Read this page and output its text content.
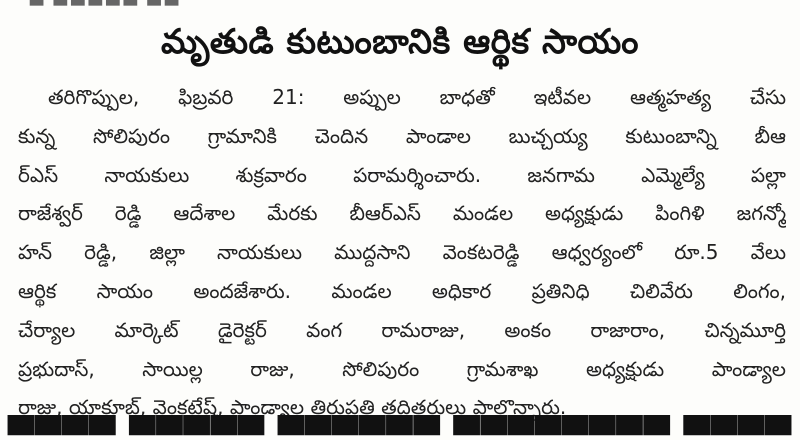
▬ ▬▬▬▬▬ ▬▬
మృతుడి కుటుంబానికి ఆర్థిక సాయం
తరిగొప్పుల, ఫిబ్రవరి 21: అప్పుల బాధతో ఇటీవల ఆత్మహత్య చేసు
కున్న సోలిపురం గ్రామానికి చెందిన పాండాల బుచ్చయ్య కుటుంబాన్ని బీఆ
ర్ఎస్ నాయకులు శుక్రవారం పరామర్శించారు. జనగామ ఎమ్మెల్యే పల్లా
రాజేశ్వర్ రెడ్డి ఆదేశాల మేరకు బీఆర్ఎస్ మండల అధ్యక్షుడు పింగిళి జగన్మో
హన్ రెడ్డి, జిల్లా నాయకులు ముద్దసాని వెంకటరెడ్డి ఆధ్వర్యంలో రూ.5 వేలు
ఆర్థిక సాయం అందజేశారు. మండల అధికార ప్రతినిధి చిలివేరు లింగం,
చేర్యాల మార్కెట్ డైరెక్టర్ వంగ రామరాజు, అంకం రాజారాం, చిన్నమూర్తి
ప్రభుదాస్, సాయిల్ల రాజు, సోలిపురం గ్రామశాఖ అధ్యక్షుడు పాండ్యాల
రాజు, యాకూబ్, వెంకటేష్, పాండ్యాల తిరుపతి తదితరులు పాల్గొన్నారు.
▀▀▀▀ ▀▀▀▀▀ ▀▀▀▀▀▀ ▀▀▀▀▀▀▀▀ ▀▀▀▀
